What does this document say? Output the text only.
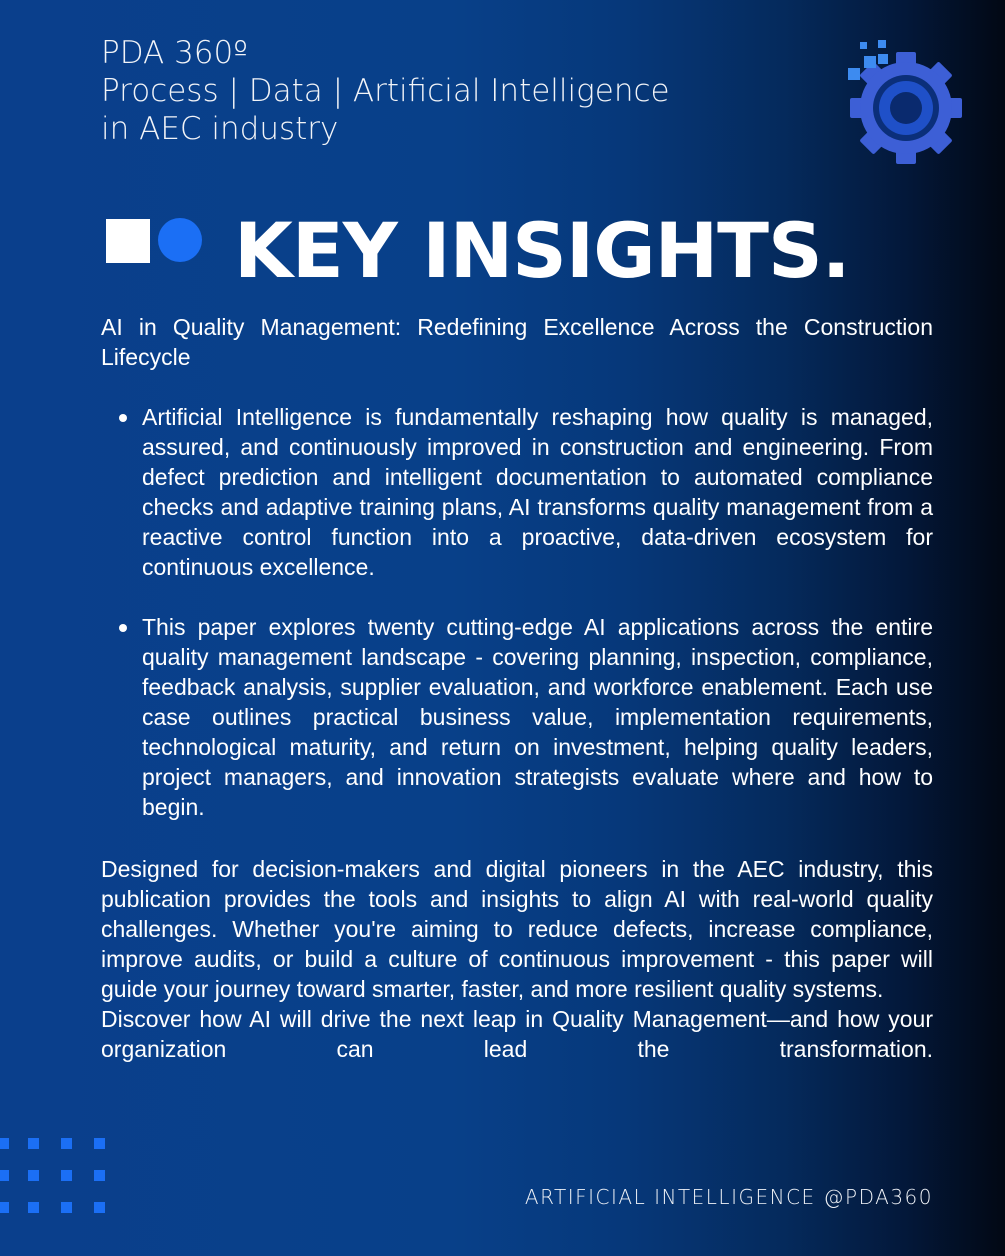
PDA 360º
Process | Data | Artificial Intelligence
in AEC industry
KEY INSIGHTS.
AI in Quality Management: Redefining Excellence Across the Construction Lifecycle
Artificial Intelligence is fundamentally reshaping how quality is managed, assured, and continuously improved in construction and engineering. From defect prediction and intelligent documentation to automated compliance checks and adaptive training plans, AI transforms quality management from a reactive control function into a proactive, data-driven ecosystem for continuous excellence.
This paper explores twenty cutting-edge AI applications across the entire quality management landscape - covering planning, inspection, compliance, feedback analysis, supplier evaluation, and workforce enablement. Each use case outlines practical business value, implementation requirements, technological maturity, and return on investment, helping quality leaders, project managers, and innovation strategists evaluate where and how to begin.

Designed for decision-makers and digital pioneers in the AEC industry, this publication provides the tools and insights to align AI with real-world quality challenges. Whether you're aiming to reduce defects, increase compliance, improve audits, or build a culture of continuous improvement - this paper will guide your journey toward smarter, faster, and more resilient quality systems.

Discover how AI will drive the next leap in Quality Management—and how your organization can lead the transformation.

ARTIFICIAL INTELLIGENCE @PDA360
